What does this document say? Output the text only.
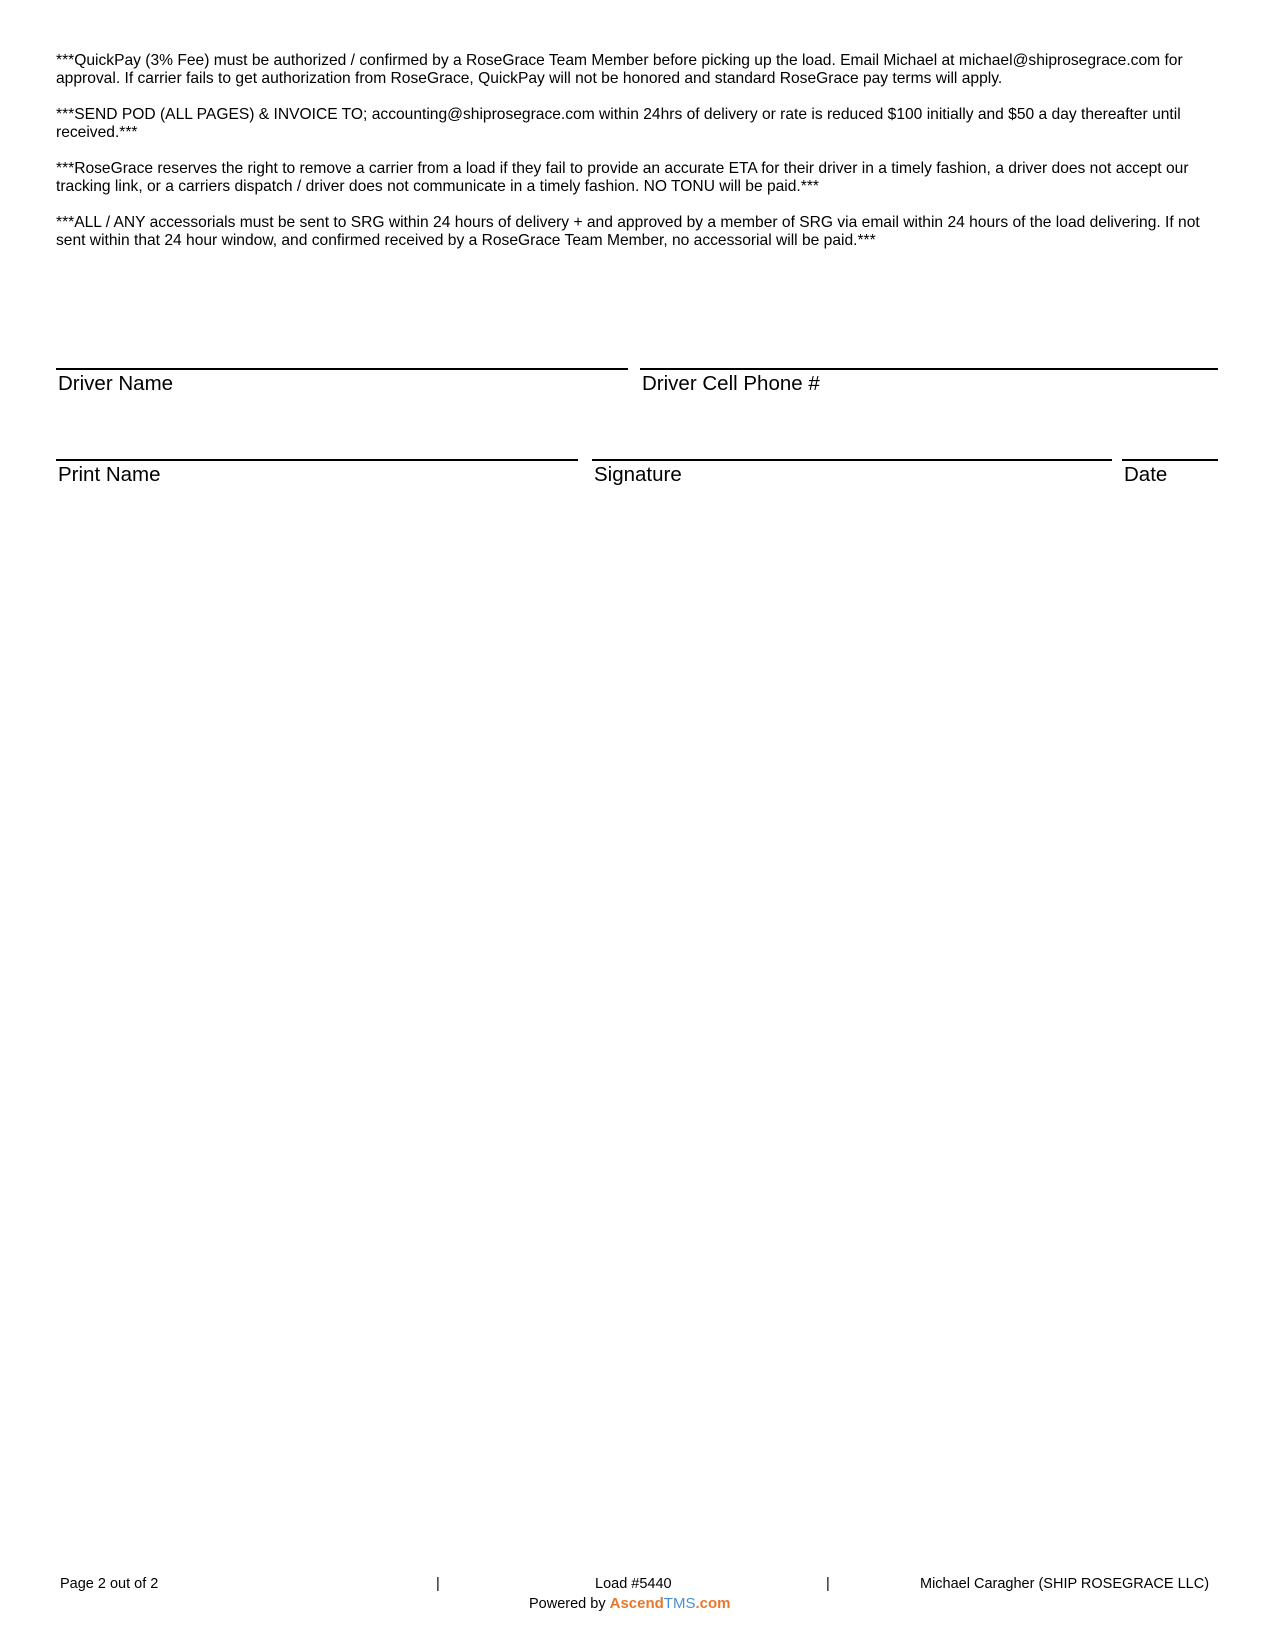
***QuickPay (3% Fee) must be authorized / confirmed by a RoseGrace Team Member before picking up the load. Email Michael at michael@shiprosegrace.com for approval. If carrier fails to get authorization from RoseGrace, QuickPay will not be honored and standard RoseGrace pay terms will apply.

***SEND POD (ALL PAGES) & INVOICE TO; accounting@shiprosegrace.com within 24hrs of delivery or rate is reduced $100 initially and $50 a day thereafter until received.***

***RoseGrace reserves the right to remove a carrier from a load if they fail to provide an accurate ETA for their driver in a timely fashion, a driver does not accept our tracking link, or a carriers dispatch / driver does not communicate in a timely fashion. NO TONU will be paid.***

***ALL / ANY accessorials must be sent to SRG within 24 hours of delivery + and approved by a member of SRG via email within 24 hours of the load delivering. If not sent within that 24 hour window, and confirmed received by a RoseGrace Team Member, no accessorial will be paid.***

Driver Name	Driver Cell Phone #
Print Name	Signature	Date
Page 2 out of 2	|	Load #5440	|	Michael Caragher (SHIP ROSEGRACE LLC)
Powered by AscendTMS.com
